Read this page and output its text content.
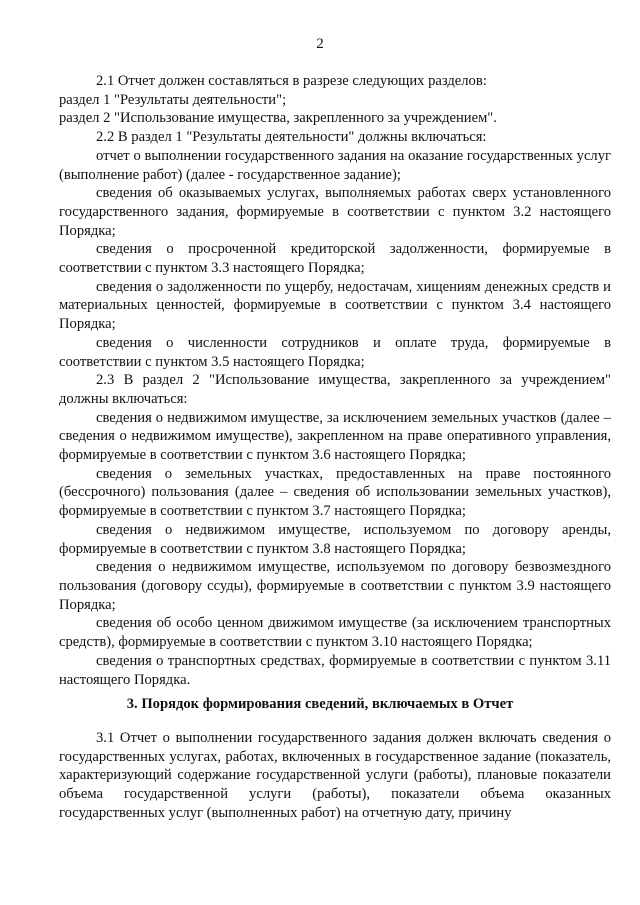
2

2.1 Отчет должен составляться в разрезе следующих разделов:

раздел 1 "Результаты деятельности";

раздел 2 "Использование имущества, закрепленного за учреждением".

2.2 В раздел 1 "Результаты деятельности" должны включаться:

отчет о выполнении государственного задания на оказание государственных услуг (выполнение работ) (далее - государственное задание);

сведения об оказываемых услугах, выполняемых работах сверх установленного государственного задания, формируемые в соответствии с пунктом 3.2 настоящего Порядка;

сведения о просроченной кредиторской задолженности, формируемые в соответствии с пунктом 3.3 настоящего Порядка;

сведения о задолженности по ущербу, недостачам, хищениям денежных средств и материальных ценностей, формируемые в соответствии с пунктом 3.4 настоящего Порядка;

сведения о численности сотрудников и оплате труда, формируемые в соответствии с пунктом 3.5 настоящего Порядка;

2.3 В раздел 2 "Использование имущества, закрепленного за учреждением" должны включаться:

сведения о недвижимом имуществе, за исключением земельных участков (далее – сведения о недвижимом имуществе), закрепленном на праве оперативного управления, формируемые в соответствии с пунктом 3.6 настоящего Порядка;

сведения о земельных участках, предоставленных на праве постоянного (бессрочного) пользования (далее – сведения об использовании земельных участков), формируемые в соответствии с пунктом 3.7 настоящего Порядка;

сведения о недвижимом имуществе, используемом по договору аренды, формируемые в соответствии с пунктом 3.8 настоящего Порядка;

сведения о недвижимом имуществе, используемом по договору безвозмездного пользования (договору ссуды), формируемые в соответствии с пунктом 3.9 настоящего Порядка;

сведения об особо ценном движимом имуществе (за исключением транспортных средств), формируемые в соответствии с пунктом 3.10 настоящего Порядка;

сведения о транспортных средствах, формируемые в соответствии с пунктом 3.11 настоящего Порядка.

3. Порядок формирования сведений, включаемых в Отчет

3.1 Отчет о выполнении государственного задания должен включать сведения о государственных услугах, работах, включенных в государственное задание (показатель, характеризующий содержание государственной услуги (работы), плановые показатели объема государственной услуги (работы), показатели объема оказанных государственных услуг (выполненных работ) на отчетную дату, причину
